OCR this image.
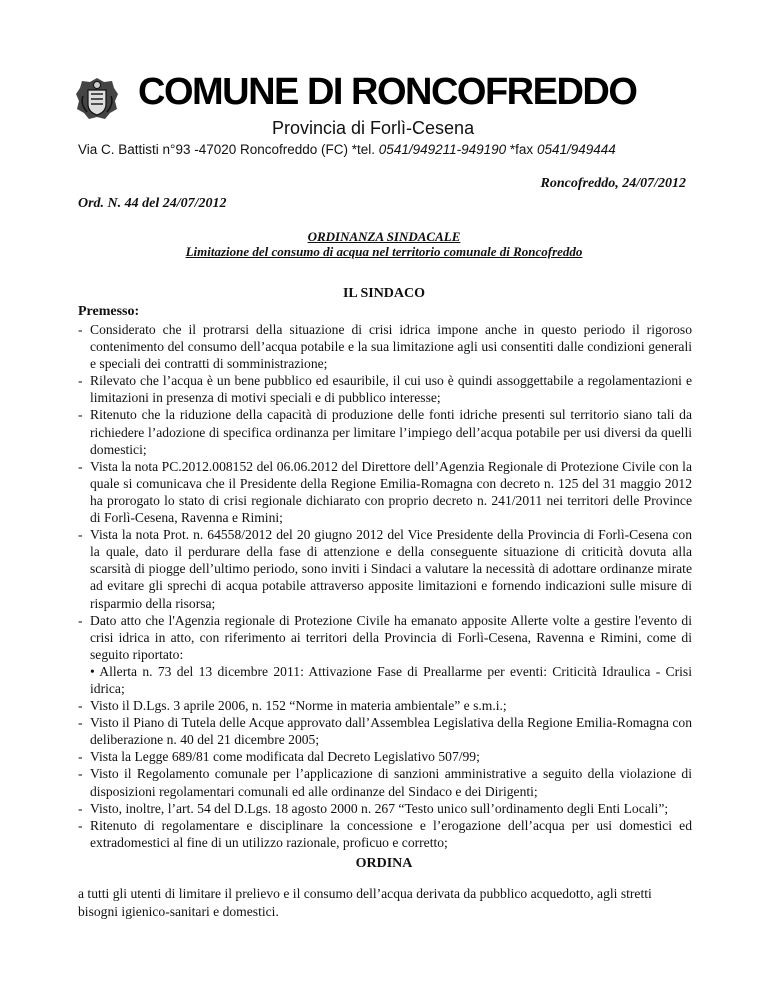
COMUNE DI RONCOFREDDO
Provincia di Forlì-Cesena
Via C. Battisti n°93 -47020 Roncofreddo (FC) *tel. 0541/949211-949190 *fax 0541/949444
Roncofreddo, 24/07/2012
Ord. N. 44 del 24/07/2012
ORDINANZA SINDACALE
Limitazione del consumo di acqua nel territorio comunale di Roncofreddo
IL SINDACO
Premesso:
- Considerato che il protrarsi della situazione di crisi idrica impone anche in questo periodo il rigoroso contenimento del consumo dell’acqua potabile e la sua limitazione agli usi consentiti dalle condizioni generali e speciali dei contratti di somministrazione;
- Rilevato che l’acqua è un bene pubblico ed esauribile, il cui uso è quindi assoggettabile a regolamentazioni e limitazioni in presenza di motivi speciali e di pubblico interesse;
- Ritenuto che la riduzione della capacità di produzione delle fonti idriche presenti sul territorio siano tali da richiedere l’adozione di specifica ordinanza per limitare l’impiego dell’acqua potabile per usi diversi da quelli domestici;
- Vista la nota PC.2012.008152 del 06.06.2012 del Direttore dell’Agenzia Regionale di Protezione Civile con la quale si comunicava che il Presidente della Regione Emilia-Romagna con decreto n. 125 del 31 maggio 2012 ha prorogato lo stato di crisi regionale dichiarato con proprio decreto n. 241/2011 nei territori delle Province di Forlì-Cesena, Ravenna e Rimini;
- Vista la nota Prot. n. 64558/2012 del 20 giugno 2012 del Vice Presidente della Provincia di Forlì-Cesena con la quale, dato il perdurare della fase di attenzione e della conseguente situazione di criticità dovuta alla scarsità di piogge dell’ultimo periodo, sono inviti i Sindaci a valutare la necessità di adottare ordinanze mirate ad evitare gli sprechi di acqua potabile attraverso apposite limitazioni e fornendo indicazioni sulle misure di risparmio della risorsa;
- Dato atto che l'Agenzia regionale di Protezione Civile ha emanato apposite Allerte volte a gestire l'evento di crisi idrica in atto, con riferimento ai territori della Provincia di Forlì-Cesena, Ravenna e Rimini, come di seguito riportato:
• Allerta n. 73 del 13 dicembre 2011: Attivazione Fase di Preallarme per eventi: Criticità Idraulica - Crisi idrica;
- Visto il D.Lgs. 3 aprile 2006, n. 152 “Norme in materia ambientale” e s.m.i.;
- Visto il Piano di Tutela delle Acque approvato dall’Assemblea Legislativa della Regione Emilia-Romagna con deliberazione n. 40 del 21 dicembre 2005;
- Vista la Legge 689/81 come modificata dal Decreto Legislativo 507/99;
- Visto il Regolamento comunale per l’applicazione di sanzioni amministrative a seguito della violazione di disposizioni regolamentari comunali ed alle ordinanze del Sindaco e dei Dirigenti;
- Visto, inoltre, l’art. 54 del D.Lgs. 18 agosto 2000 n. 267 “Testo unico sull’ordinamento degli Enti Locali”;
- Ritenuto di regolamentare e disciplinare la concessione e l’erogazione dell’acqua per usi domestici ed extradomestici al fine di un utilizzo razionale, proficuo e corretto;
ORDINA
a tutti gli utenti di limitare il prelievo e il consumo dell’acqua derivata da pubblico acquedotto, agli stretti bisogni igienico-sanitari e domestici.
